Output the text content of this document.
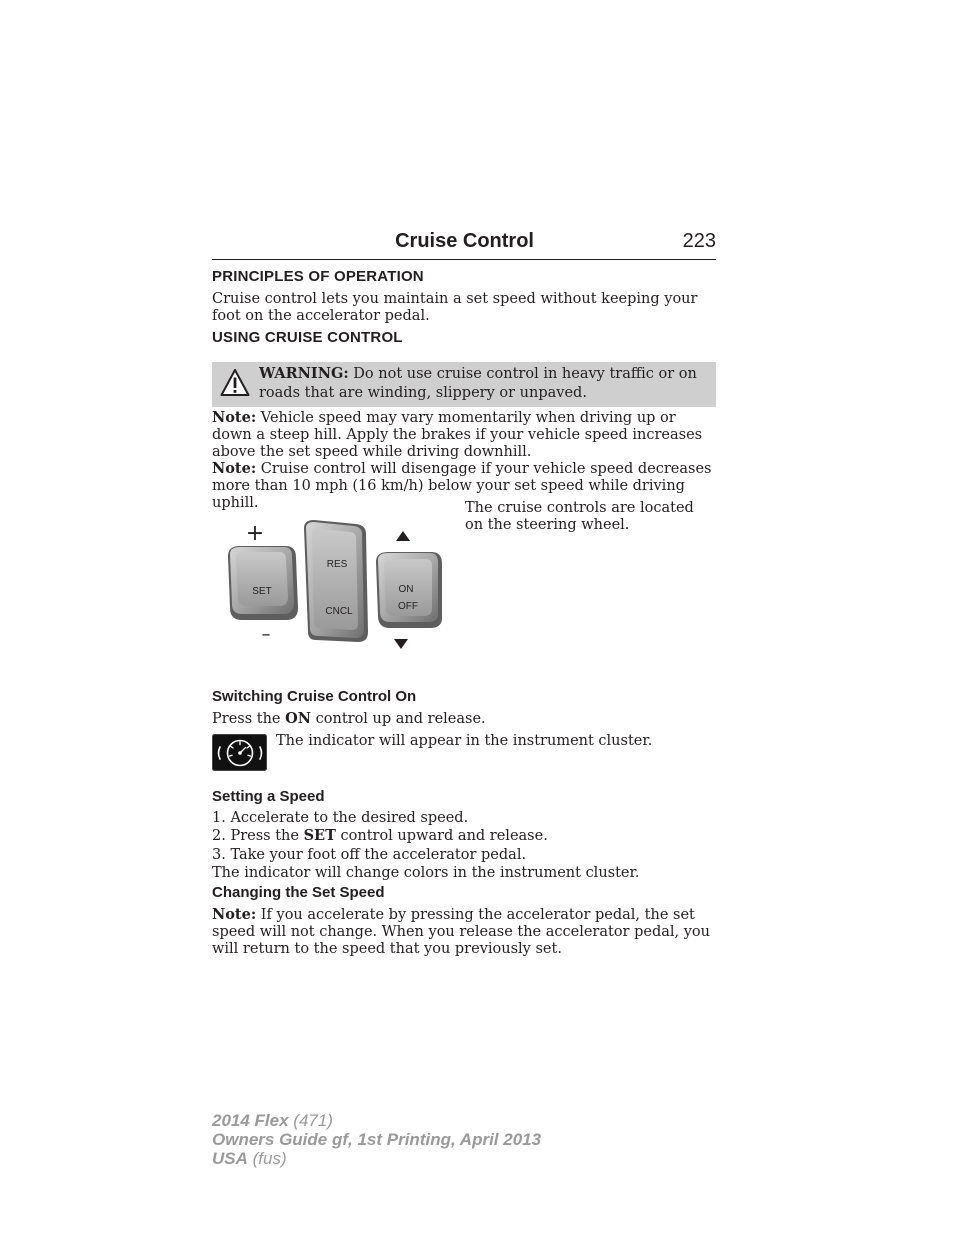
Cruise Control	223
PRINCIPLES OF OPERATION
Cruise control lets you maintain a set speed without keeping your foot on the accelerator pedal.
USING CRUISE CONTROL
WARNING: Do not use cruise control in heavy traffic or on roads that are winding, slippery or unpaved.
Note: Vehicle speed may vary momentarily when driving up or down a steep hill. Apply the brakes if your vehicle speed increases above the set speed while driving downhill.
Note: Cruise control will disengage if your vehicle speed decreases more than 10 mph (16 km/h) below your set speed while driving uphill.
+
–
SET
RES
CNCL
ON
OFF
The cruise controls are located on the steering wheel.
Switching Cruise Control On
Press the ON control up and release.
The indicator will appear in the instrument cluster.
Setting a Speed
1. Accelerate to the desired speed.
2. Press the SET control upward and release.
3. Take your foot off the accelerator pedal.
The indicator will change colors in the instrument cluster.
Changing the Set Speed
Note: If you accelerate by pressing the accelerator pedal, the set speed will not change. When you release the accelerator pedal, you will return to the speed that you previously set.
2014 Flex (471)
Owners Guide gf, 1st Printing, April 2013
USA (fus)
